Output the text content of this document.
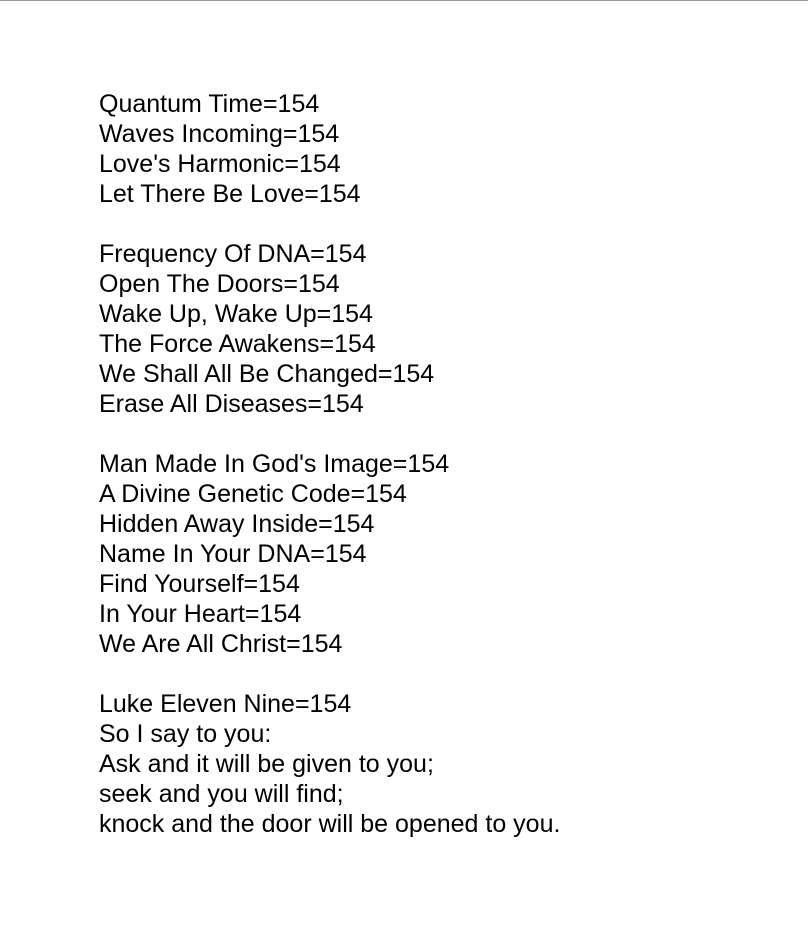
Quantum Time=154
Waves Incoming=154
Love's Harmonic=154
Let There Be Love=154
Frequency Of DNA=154
Open The Doors=154
Wake Up, Wake Up=154
The Force Awakens=154
We Shall All Be Changed=154
Erase All Diseases=154
Man Made In God's Image=154
A Divine Genetic Code=154
Hidden Away Inside=154
Name In Your DNA=154
Find Yourself=154
In Your Heart=154
We Are All Christ=154
Luke Eleven Nine=154
So I say to you:
Ask and it will be given to you;
seek and you will find;
knock and the door will be opened to you.
